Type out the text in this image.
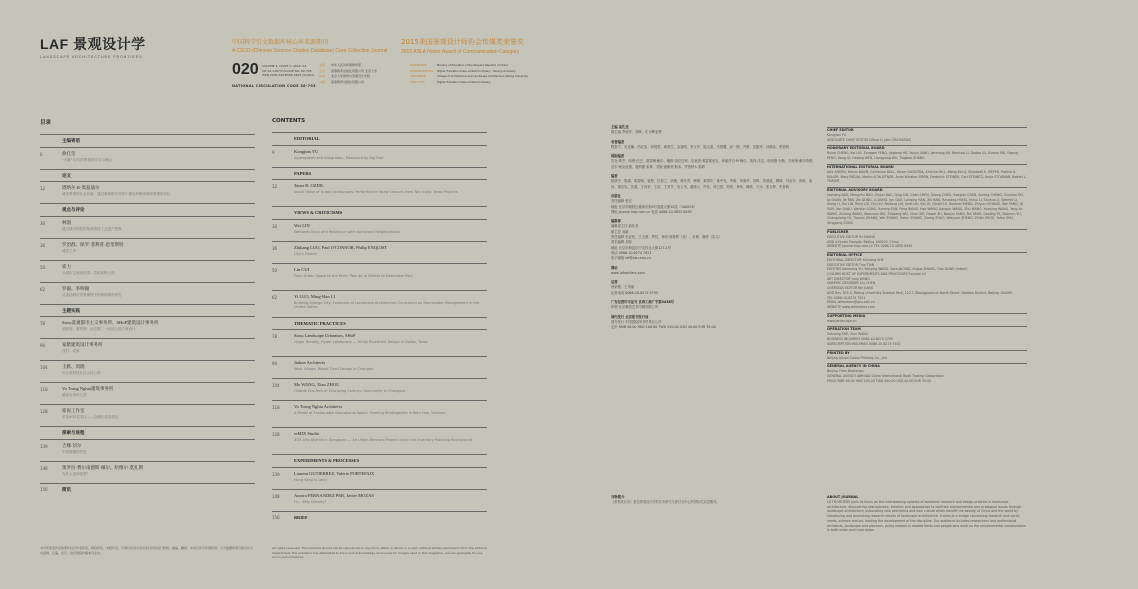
LAF 景观设计学
LANDSCAPE ARCHITECTURE FRONTIERS
中国科学引文数据库核心库来源期刊
A CSCD (Chinese Science Citation Database) Core Collection Journal
2015美国景观设计师协会传媒类荣誉奖
2015 ASLA Honor Award of Communication Category
020 VOLUME 4, ISSUE 2, 2016. 04
CN 10-1167/TU
ISSN 2095-5405
CODE NO. 82-765
2095-5405 (Online)
NATIONAL CIRCULATION CODE 38-793
主管 中华人民共和国教育部
主办 高等教育出版社有限公司 北京大学
协办 北京大学建筑与景观设计学院
出版 高等教育出版社有限公司
SUPERVISOR	Ministry of Education of the People's Republic of China
ADMINISTRATORS Higher Education Press Limited Company · Peking University
ORGANIZER	College of Architecture and Landscape Architecture, Peking University
PUBLISHER	Higher Education Press Limited Company
目录
主编寄语
6	俞孔坚
"大数" 时代的景观设计学与理念
论文
12	塔纳尔·R·奥兹迪尔
城市景观的社会价值：通过案例研究对两个德克萨斯州城市景观的评价
观点与评论
30	林润
通过城市韧性的角度看待工业遗产景观
36	罗治群、保罗·菲利普·恩奎斯特
城市之声
50	崔力
从城市空间到田园：拉维莱特公园
62	罗毅、李明翰
从美国城市景观课程中的海绵城市研究
主题实践
78	Stoss景观都市主义事务所、SHoP建筑设计事务所
超密度，超景观：达拉斯三一河滨公园方案设计
90	家腊建筑设计事务所
西村：成都
104	王默、周晓
长沙高科技社区山体公园
118	Vo Trong Nghia建筑事务所
越南农场幼儿园
128	崔再工作室
东莞#33艺术区——仓储区改造项目
探索与进程
139	吉娜·切尔
中国香港的亮光
148	奥罗拉·费尔南德斯·佩尔、哈维尔·莫扎斯
为什么选择密度？
简讯
156
本刊所发表作品的著作权归作者所有，版权所有，未经许可，不得以任何方式对本刊内容进行转载、摘编、翻译。本刊已许可中国知网、万方数据库等以数字化方式复制、汇编、发行、信息网络传播本刊全文。
CONTENTS
EDITORIAL
9	Kongjian YU
Aggregation and Integration, Measured by Big Feet
PAPERS
12	Taner R. OZDIL
Social Value of Urban Landscapes: Performance Study Lessons from Two Iconic Texas Projects
VIEWS & CRITICISMS
30	Wei LIN
Wetlands Brick and Resilience with workplace Neighborhood
36	Zhikang LUO, Paul O'CONNOR, Philip ENQUIST
City's Choice
50	Lin CUI
From Urban Space to the Farm: Parc de la Villette to Downview Park
62	Yi LUO, Ming-Han LI
Building Sponge City: Examples of Landscape Architecture Curriculum on Stormwater Management in the United States
THEMATIC PRACTICES
78	Stoss Landscape Urbanism, SHoP
Hyper Density, Hyper Landscape — Trinity Riverfront Design in Dallas, Texas
90	Jiakun Architects
West Village, Based Tianli Design in Chengdu
104	Mo WANG, Xiao ZHOU
Hillside Eco-Park of Zhongling Century Community in Changsha
118	Vo Trong Nghia Architects
A Model of Sustainable Educational Space: Farming Kindergarten in Bien Hoa, Vietnam
128	reMIX Studio
#33 Arts District in Dongguan — An Urban Renewal Project under the Inventory Planning Background
EXPERIMENTS & PROCESSES
139	Laurent GUTIERREZ, Valerie PORTEFAIX
Hong Kong is Land
148	Aurora FERNANDEZ PER, Javier MOZAS
Or... Why Density?
BRIEF
156
All rights reserved. The contents should not be reproduced in any form, either in whole or in part, without written permission from the editorial department. The publisher has attempted to trace and acknowledge all sources for images used in this magazine, and we apologize for any errors and omissions.
主编 俞孔坚
副主编 李迪华、刘晖、孔今辉亚辉
名誉编委
程泰宁、吴良镛、冯纪忠、何镜堂、黄荣生、金鉴明、李文华、陆大道、马国馨、彭一刚、齐康、任振华、孙儒泳、张锦秋
国际编委
杰克·埃亨、哈维·巴巴、凯瑟琳·鲍尔、戴维·加拉巴利、克莱因·弗雷德里克、伊丽莎白·M·梅尔、彼得·沃克、理查德·韦勒、马里奥·谢尔特纳、尼尔·柯克伍德、唐纳德·布林、安妮·惠斯顿·斯本、罗伯特·L·泰耶
编委
陈跃中、陈浦、陈春明、崔愷、杜春兰、高俊、韩冬青、韩锋、黄国华、姜中光、李雄、李迪华、刘晖、刘滨谊、柳林、马克辛、倪琪、庞伟、秦启宪、沈磊、王向荣、王浩、王其亨、吴人韦、谢继元、许东、徐卫国、杨锐、易炜、喻铁、于冰、张玉坤、朱育帆
出版社
责任编辑 张宏
地址 北京市朝阳区惠新东街4号富盛大厦15层（100029）
网址 journal.hep.com.cn 电话 0086-10-5855 6495
编辑部
编辑部主任 俞孔坚
副主任 汤新
责任编辑 孔亚松、王玉蕾、罗拉、杨珞·瑞普利（美）、东博、谢婷（实习）
美术编辑 刘萍
地址 北京市海淀区中关村北大街127-1号
电话 0086-10-6274 7921
电子邮箱 laf@pku.edu.cn
网站
www.lafrontiers.com
运营
徐荣德、王秀丽
运营电话 0086-10-6274 5795
广告经营许可证号 京西工商广字第0438号
印刷 北京雅昌艺术印刷有限公司
国内发行 北京报刊发行局
国外发行 中国国际图书贸易总公司
定价 RMB 58.00 HKD 100.00 TWD 450.00 USD 40.00 EUR 35.00
刊物简介
《景观设计学》是以景观设计学的学术研究与探讨为中心的国际性双语期刊。
CHIEF EDITOR
Kongjian YU
ASSOCIATE CHIEF EDITOR Dihua LI, John ZACHARIAS
HONORARY EDITORIAL BOARD
Ruina CHENG, Kai LIU, Zongwei FENG, Jingtang HE, Youxu JIANG, Jianming JIN, Wenhua LI, Dadao LU, Guoxin MA, Yigang PENG, Kang QI, Heqing WEN, Liangyong WU, Tingbao ZHANG
INTERNATIONAL EDITORIAL BOARD
Jack AHERN, Hanns BAUM, Catherine BULL, Dover GAZVODA, Kristina HILL, Weng-Kai LI, Elizabeth K. MEYER, Patrick A. MILLER, Mary PADUA, Martin SCHLEITNER, Anne Whiston SPIRN, Frederick STEINER, Carl STEINITZ, Antje STOKMAN, Robert L. THAYER
EDITORIAL ADVISORY BOARD
Jiazhong BAO, Mengzhu BAO, Zhijun BAO, Qing CAI, Chen CHEN, Gilang CHEN, Yuanjian CHEN, Suning CHENG, Chunlan DU, Jiz DUAN, Jie FAN, Zhi DONG, Li DONG, Jun GAO, Lanqing HAN, Xili HAN, Yunxiang HONG, Jinhui LI, Shuhua LI, Weimin LI, Xiong LI, Hui LIN, Binyi LIU, Hui LIU, Naitong LIU, Jiwei LIU, Bin LV, Qinzhi LV, Xiaomei MENG, Zhiyun OUYANG, Wei PANG, Qi SUN, Jian SHAO, Wenjun SONG, Yuming SUN, Feng WANG, Hao WANG, Jiangun WANG, Zhu WANG, Yuanjing WANG, Yang-lin WANG, Zhilong WANG, Wanxuan WU, Zhiqiang WU, Chun XIE, Dawei XU, Baojun YANG, Rui YANG, Gaoling YE, Baichun YU, Changxiang YU, Tianxin ZHANG, Wei ZHANG, Yukun ZHANG, Cheng ZHAO, Weiyuan ZHENG, Zhifei ZHOU, Yufan ZHU, Yangyang ZONG
PUBLISHER
EXECUTIVE EDITOR Yu ZHANG
ADD 4 Huixin Dongjie, Beijing 100029, China
WEBSITE journal.hep.com.cn TEL 0086-10-5855 6495
EDITORIAL OFFICE
EDITORIAL DIRECTOR Yuhuang SHE
EXECUTIVE EDITOR Tina TIAN
EDITORS Kanmeng YU, Weiying WANG, Sara JACOBS, Angus ZHANG, Tian DONG (Intern)
COLUMN HOST OF EXPERIMENTS AND PROCESSES Fuxiuan LU
ART DIRECTOR Jung WANG
GRAPHIC DESIGNER Lily CHEN
OVERSEAS EDITOR Bin JIANG
ADD Rm. 303-3, Peking University Science Park, 127-1 Zhongguancun North Street, Haidian District, Beijing 100080
TEL 0086-10-6274 7921
EMAIL lafrontiers@pku.edu.cn
WEBSITE www.lafrontiers.com
SUPPORTING MEDIA
www.landscape.cn
OPERATION TEAM
Yuhuang SHE, Xiuli WANG
BUSINESS INQUIRIES 0086-10-6274 5795
SUBSCRIPTION INQUIRIES 0086-10-6274 7921
PRINTED BY
Beijing Artron Colour Printing Co., Ltd
GENERAL AGENCY IN CHINA
Beijing Yiran Bookshop
GENERAL AGENCY ABROAD China International Book Trading Corporation
PRICE RMB 58.00 HKD 100.00 TWD 450.00 USD 40.00 EUR 35.00
ABOUT JOURNAL
LA FRONTIERS pulls its focus on the interweaving spheres of academic research and design practice in landscape architecture, discovering new opinions, theories and approaches to confront environmental and ecological issues through landscape architecture, advocating new aesthetics and new culture which benefit the beauty of China and the world by introducing and promoting research results of landscape architecture. It aims at a bridge connecting research and social needs, science and art, leading the development of the discipline. Our audience includes researchers and professional architects, landscape and planners, policy makers in related fields and people who work on the environmental constructions in both urban and rural areas.
